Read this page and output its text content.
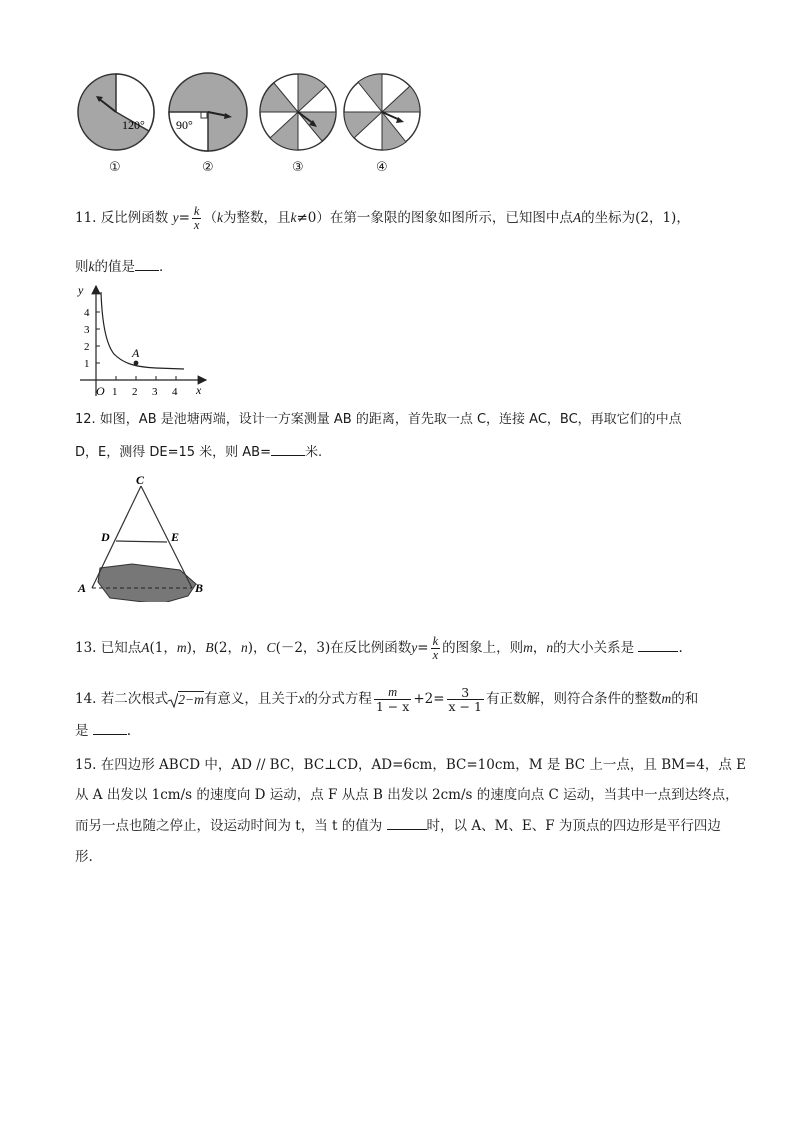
120°	90°
①	②	③	④
11. 反比例函数 $y= \frac{k}{x} (k$为整数，且k≠0）在第一象限的图象如图所示，已知图中点A的坐标为(2，1)，
则k的值是 ．
A
y
x
O 1 2 3 4
1
2
3
4
12. 如图，AB 是池塘两端，设计一方案测量 AB 的距离，首先取一点 C，连接 AC，BC，再取它们的中点
D，E，测得 DE=15 米，则 AB=	米.
C
D	E
A	B
13. 已知点A(1，m)，B(2，n)，C(－2，3)在反比例函数$y= \frac{k}{x}$ 的图象上，则m，n的大小关系是	.
14. 若二次根式 2−m有意义，且关于x的分式方程 $\frac{m}{1 - x} +2= \frac{3}{x - 1}$ 有正数解，则符合条件的整数m的和
是	.
15. 在四边形 ABCD 中，AD // BC，BC⊥CD，AD=6cm，BC=10cm，M 是 BC 上一点，且 BM=4，点 E
从 A 出发以 1cm/s 的速度向 D 运动，点 F 从点 B 出发以 2cm/s 的速度向点 C 运动，当其中一点到达终点，
而另一点也随之停止，设运动时间为 t，当 t 的值为	时，以 A、M、E、F 为顶点的四边形是平行四边
形.
